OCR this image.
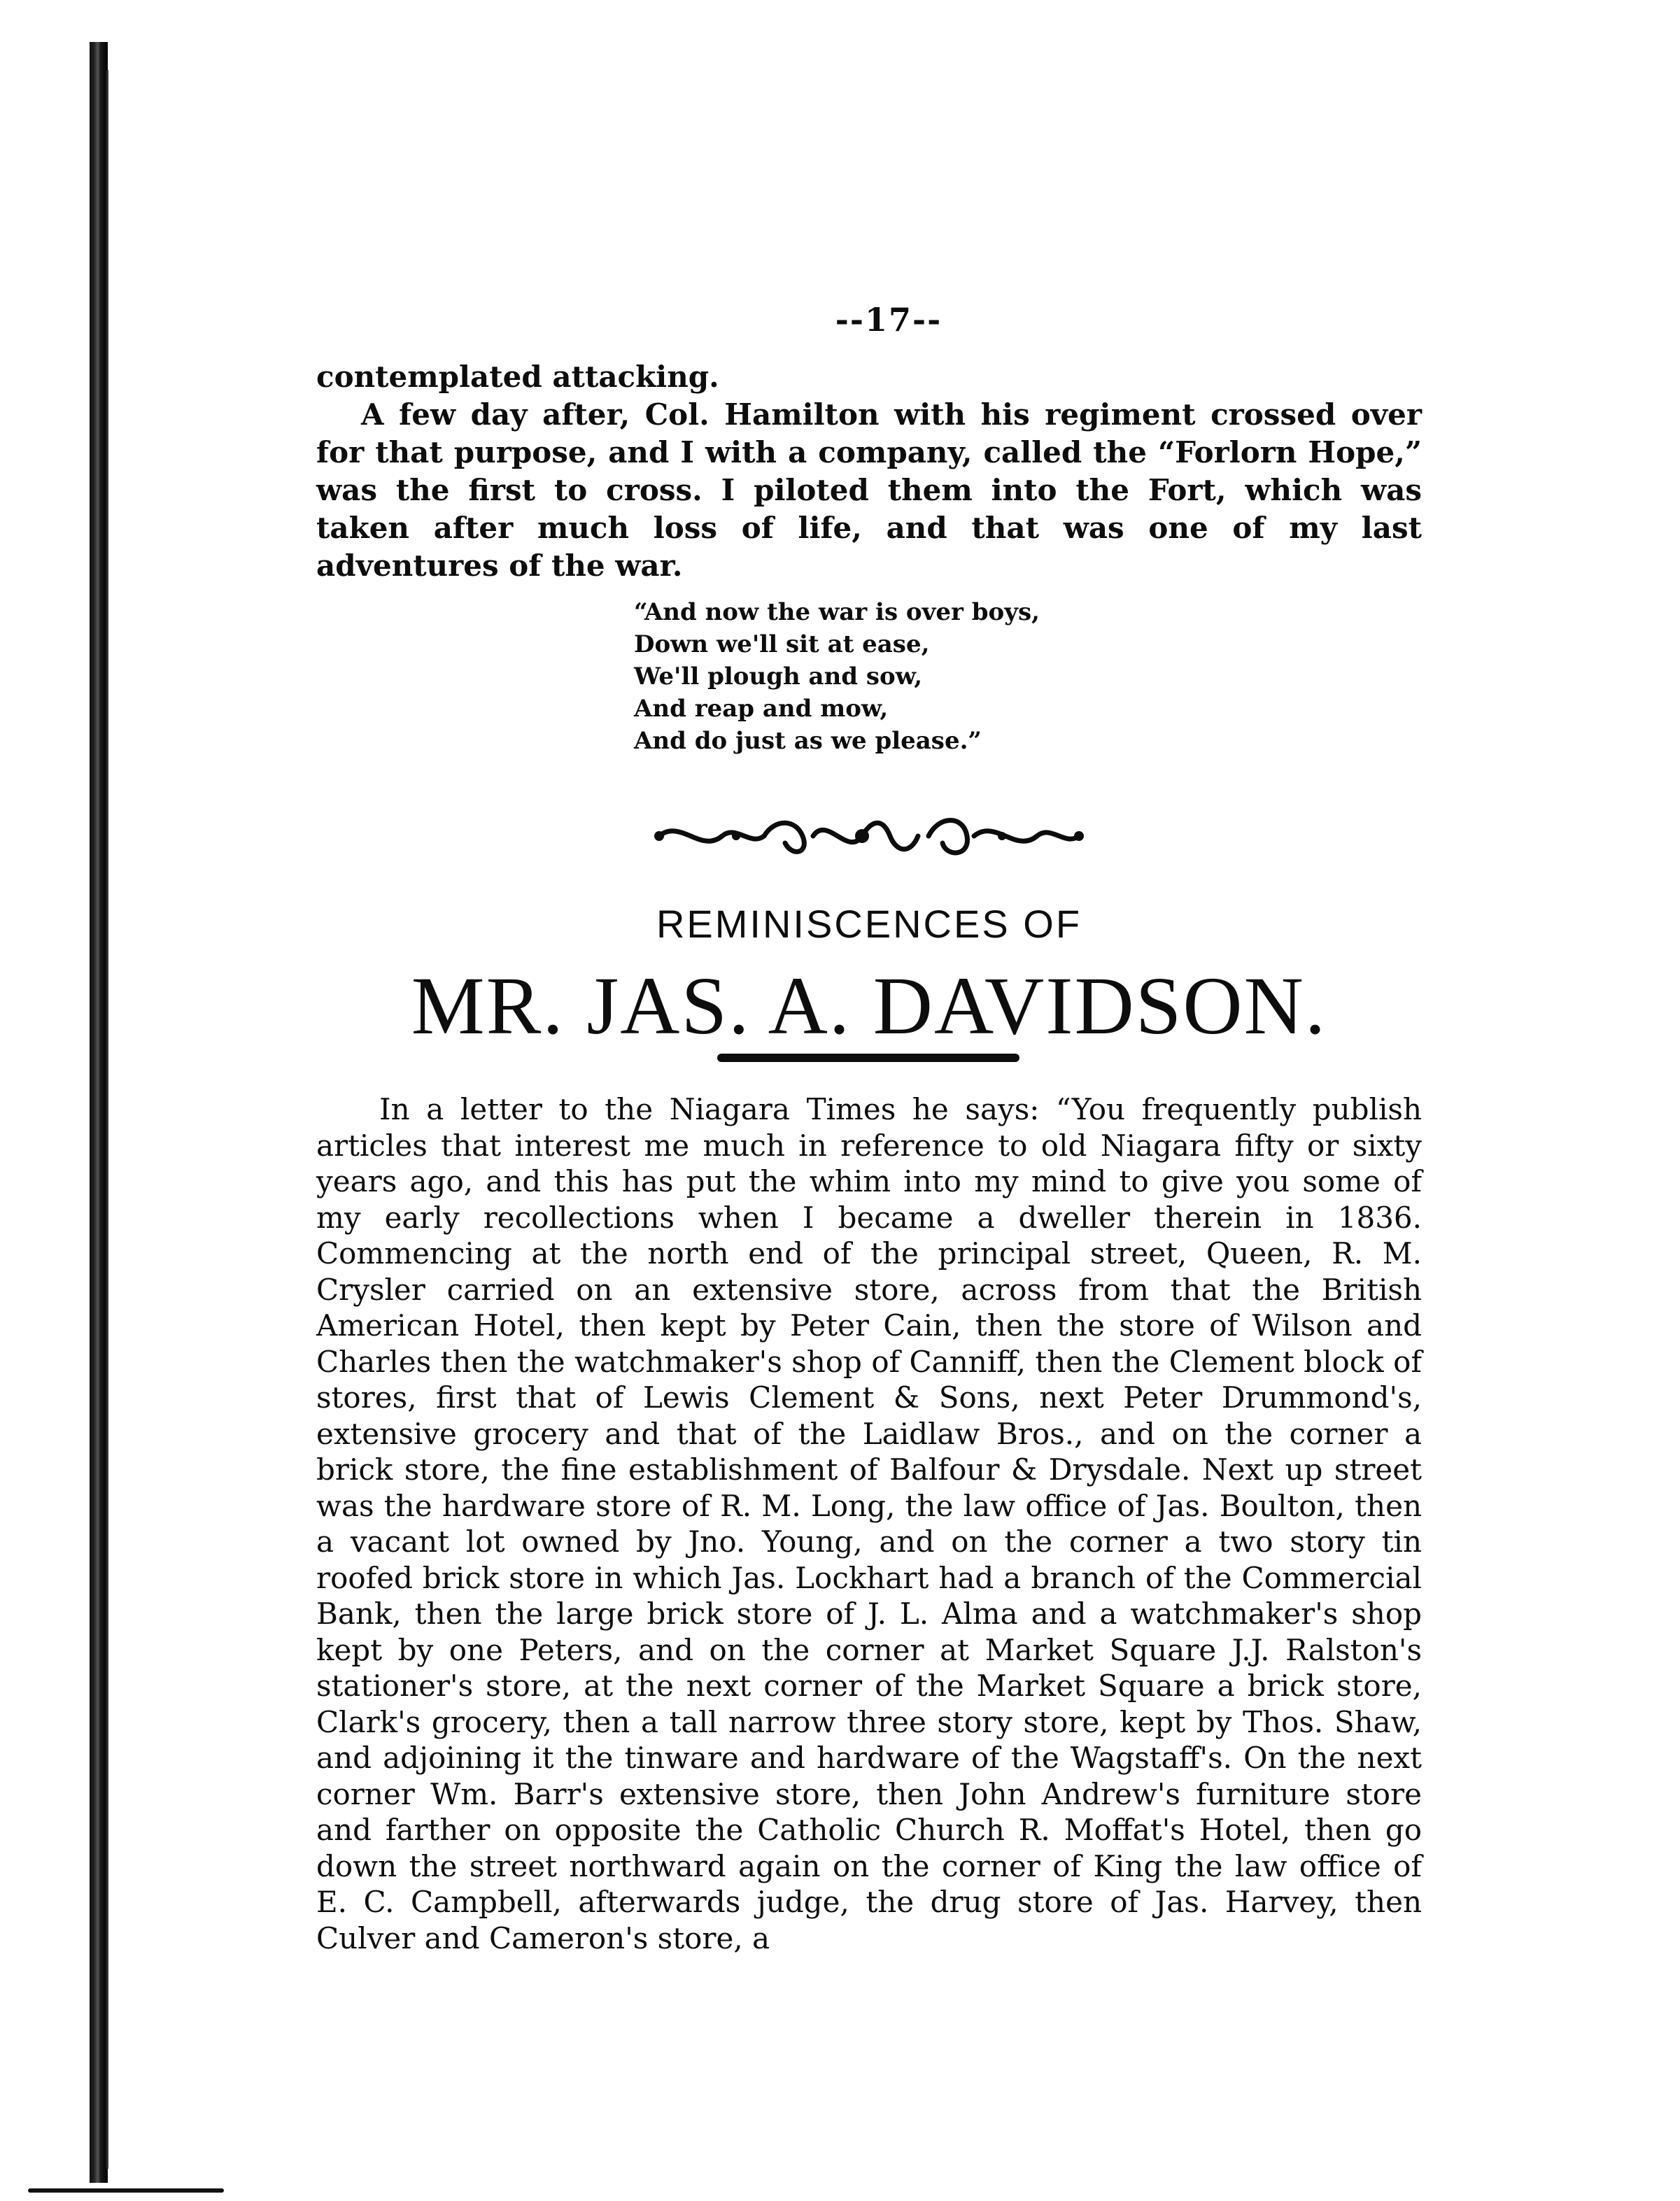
--17--
contemplated attacking.
A few day after, Col. Hamilton with his regiment crossed over for that purpose, and I with a company, called the “Forlorn Hope,” was the first to cross. I piloted them into the Fort, which was taken after much loss of life, and that was one of my last adventures of the war.
“And now the war is over boys,
Down we'll sit at ease,
We'll plough and sow,
And reap and mow,
And do just as we please.”
REMINISCENCES OF
MR. JAS. A. DAVIDSON.

In a letter to the Niagara Times he says: “You frequently publish articles that interest me much in reference to old Niagara fifty or sixty years ago, and this has put the whim into my mind to give you some of my early recollections when I became a dweller therein in 1836. Commencing at the north end of the principal street, Queen, R. M. Crysler carried on an extensive store, across from that the British American Hotel, then kept by Peter Cain, then the store of Wilson and Charles then the watchmaker's shop of Canniff, then the Clement block of stores, first that of Lewis Clement & Sons, next Peter Drummond's, extensive grocery and that of the Laidlaw Bros., and on the corner a brick store, the fine establishment of Balfour & Drysdale. Next up street was the hardware store of R. M. Long, the law office of Jas. Boulton, then a vacant lot owned by Jno. Young, and on the corner a two story tin roofed brick store in which Jas. Lockhart had a branch of the Commercial Bank, then the large brick store of J. L. Alma and a watchmaker's shop kept by one Peters, and on the corner at Market Square J.J. Ralston's stationer's store, at the next corner of the Market Square a brick store, Clark's grocery, then a tall narrow three story store, kept by Thos. Shaw, and adjoining it the tinware and hardware of the Wagstaff's. On the next corner Wm. Barr's extensive store, then John Andrew's furniture store and farther on opposite the Catholic Church R. Moffat's Hotel, then go down the street northward again on the corner of King the law office of E. C. Campbell, afterwards judge, the drug store of Jas. Harvey, then Culver and Cameron's store, a
